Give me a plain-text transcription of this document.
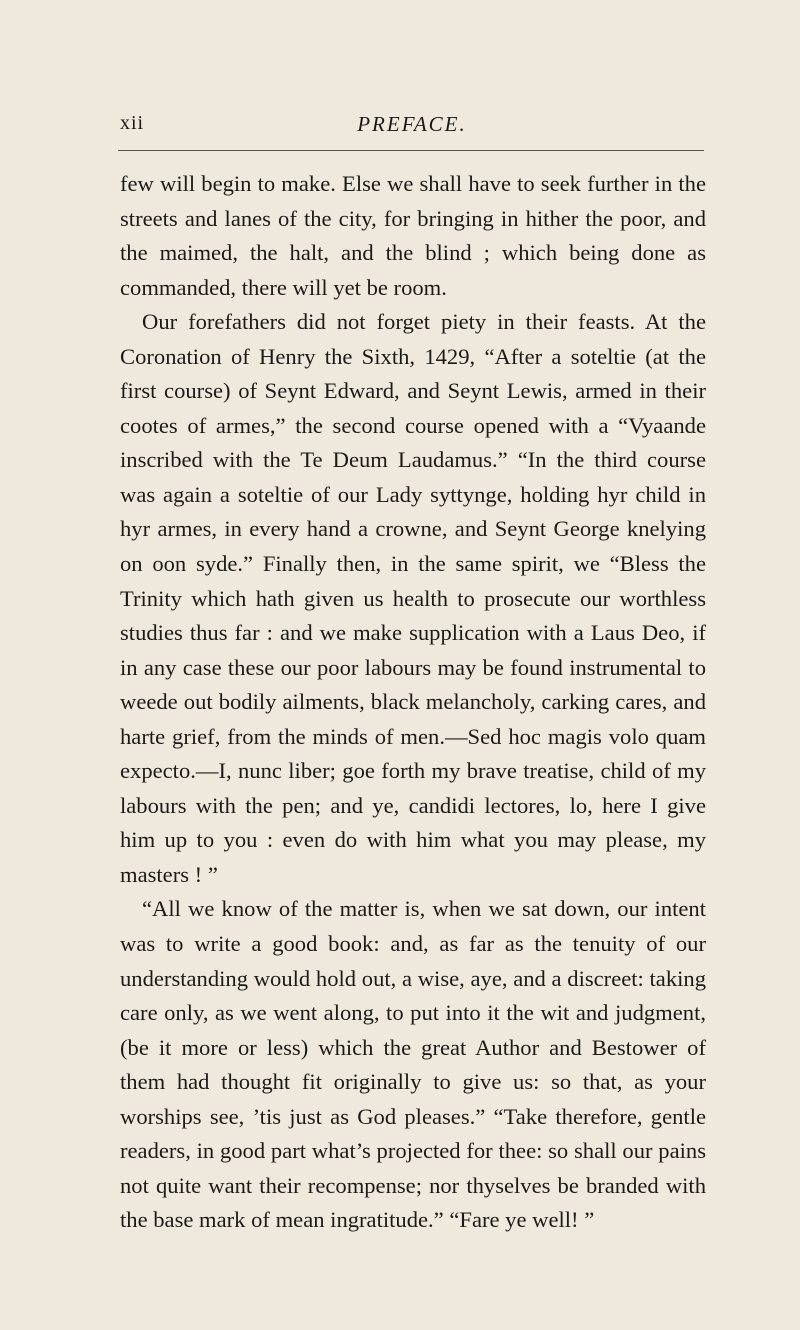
xii	PREFACE.

few will begin to make. Else we shall have to seek further in the streets and lanes of the city, for bringing in hither the poor, and the maimed, the halt, and the blind ; which being done as commanded, there will yet be room.

Our forefathers did not forget piety in their feasts. At the Coronation of Henry the Sixth, 1429, “After a soteltie (at the first course) of Seynt Edward, and Seynt Lewis, armed in their cootes of armes,” the second course opened with a “Vyaande inscribed with the Te Deum Laudamus.” “In the third course was again a soteltie of our Lady syttynge, holding hyr child in hyr armes, in every hand a crowne, and Seynt George knelying on oon syde.” Finally then, in the same spirit, we “Bless the Trinity which hath given us health to prosecute our worthless studies thus far : and we make supplication with a Laus Deo, if in any case these our poor labours may be found instrumental to weede out bodily ailments, black melancholy, carking cares, and harte grief, from the minds of men.—Sed hoc magis volo quam expecto.—I, nunc liber; goe forth my brave treatise, child of my labours with the pen; and ye, candidi lectores, lo, here I give him up to you : even do with him what you may please, my masters ! ”

“All we know of the matter is, when we sat down, our intent was to write a good book: and, as far as the tenuity of our understanding would hold out, a wise, aye, and a discreet: taking care only, as we went along, to put into it the wit and judgment, (be it more or less) which the great Author and Bestower of them had thought fit originally to give us: so that, as your worships see, ’tis just as God pleases.” “Take therefore, gentle readers, in good part what’s projected for thee: so shall our pains not quite want their recompense; nor thyselves be branded with the base mark of mean ingratitude.” “Fare ye well! ”
